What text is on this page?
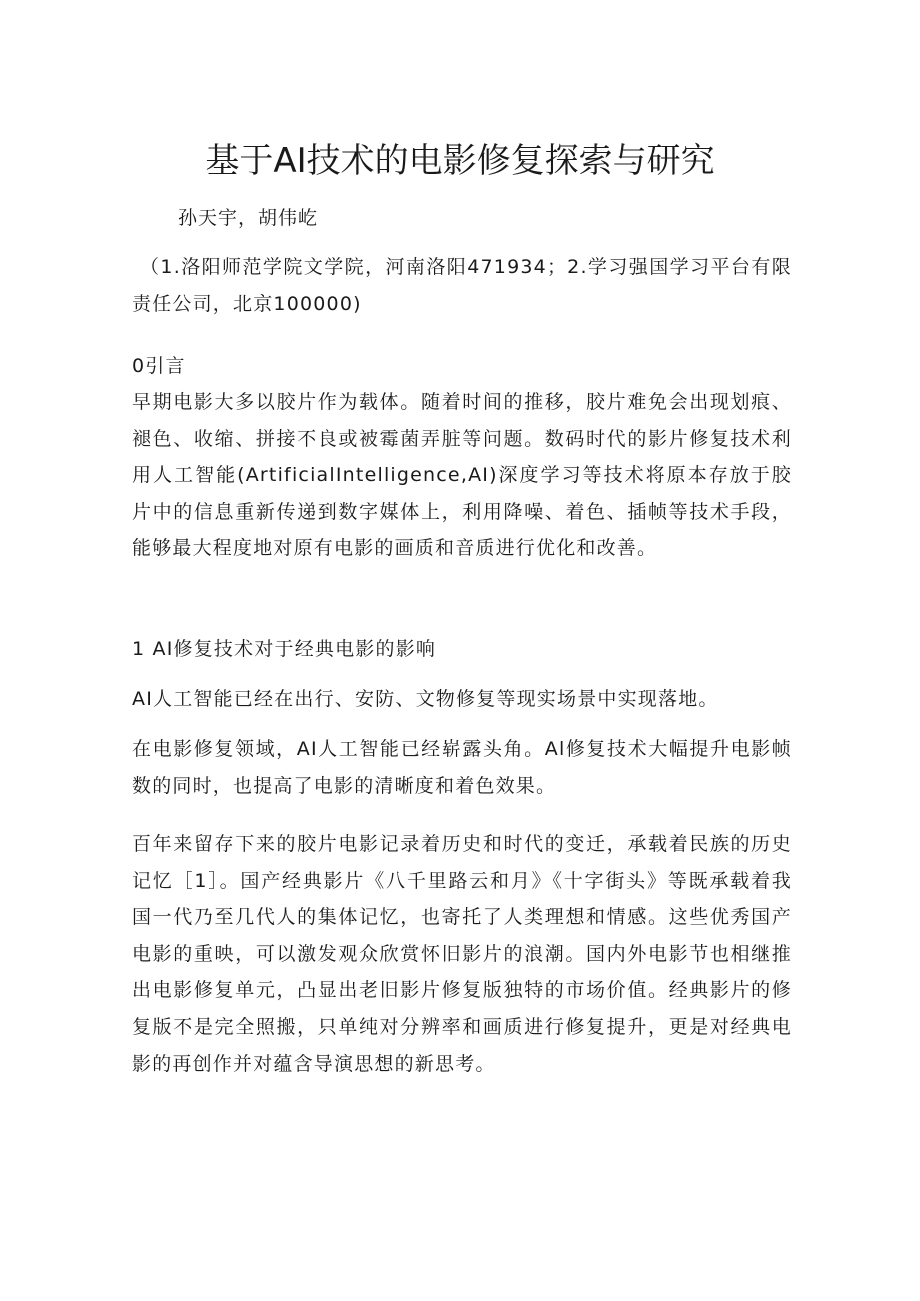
基于AI技术的电影修复探索与研究
孙天宇，胡伟屹
（1.洛阳师范学院文学院，河南洛阳471934；2.学习强国学习平台有限责任公司，北京100000)
0引言
早期电影大多以胶片作为载体。随着时间的推移，胶片难免会出现划痕、褪色、收缩、拼接不良或被霉菌弄脏等问题。数码时代的影片修复技术利用人工智能(ArtificialIntelligence,AI)深度学习等技术将原本存放于胶片中的信息重新传递到数字媒体上，利用降噪、着色、插帧等技术手段，能够最大程度地对原有电影的画质和音质进行优化和改善。
1 AI修复技术对于经典电影的影响
AI人工智能已经在出行、安防、文物修复等现实场景中实现落地。
在电影修复领域，AI人工智能已经崭露头角。Al修复技术大幅提升电影帧数的同时，也提高了电影的清晰度和着色效果。
百年来留存下来的胶片电影记录着历史和时代的变迁，承载着民族的历史记忆［1］。国产经典影片《八千里路云和月》《十字街头》等既承载着我国一代乃至几代人的集体记忆，也寄托了人类理想和情感。这些优秀国产电影的重映，可以激发观众欣赏怀旧影片的浪潮。国内外电影节也相继推出电影修复单元，凸显出老旧影片修复版独特的市场价值。经典影片的修复版不是完全照搬，只单纯对分辨率和画质进行修复提升，更是对经典电影的再创作并对蕴含导演思想的新思考。
